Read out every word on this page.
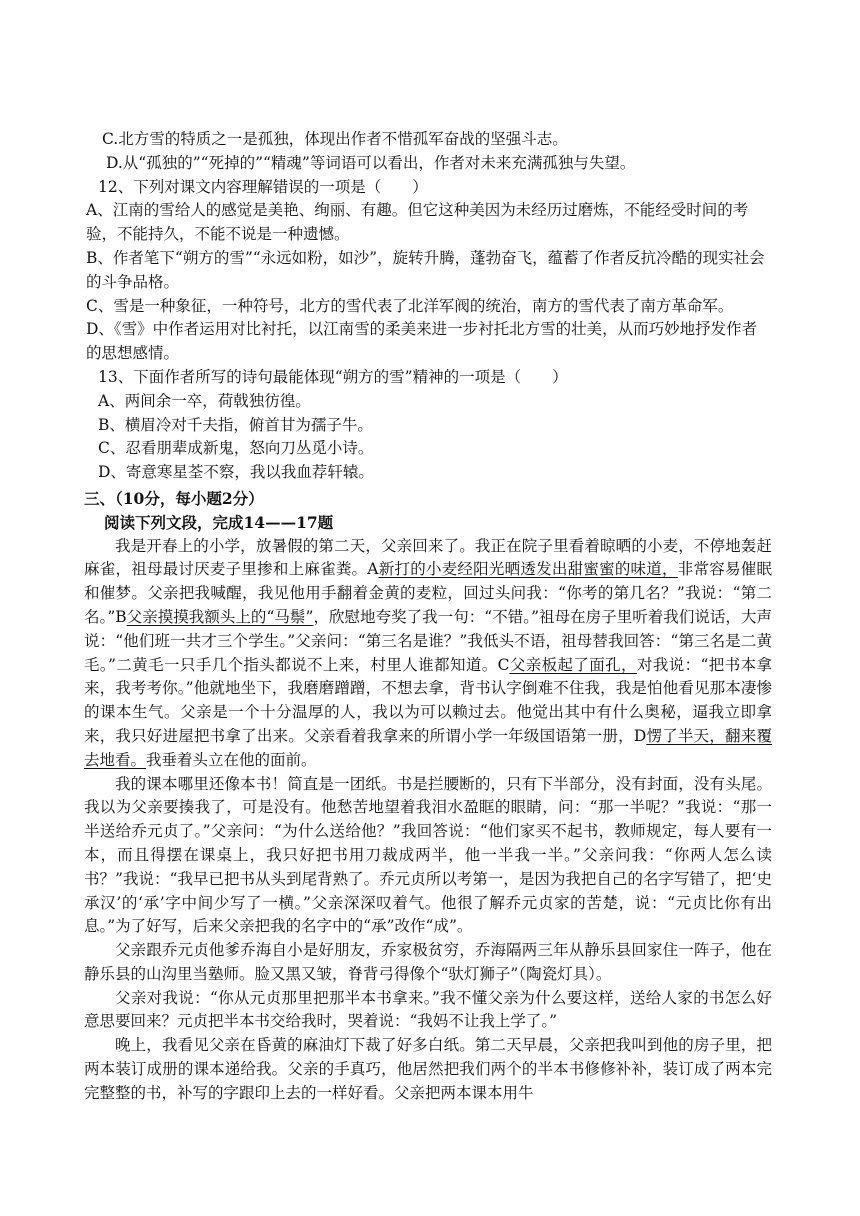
C.北方雪的特质之一是孤独，体现出作者不惜孤军奋战的坚强斗志。

D.从“孤独的”“死掉的”“精魂”等词语可以看出，作者对未来充满孤独与失望。

12、下列对课文内容理解错误的一项是（　　）

A、江南的雪给人的感觉是美艳、绚丽、有趣。但它这种美因为未经历过磨炼，不能经受时间的考验，不能持久，不能不说是一种遗憾。

B、作者笔下“朔方的雪”“永远如粉，如沙”，旋转升腾，蓬勃奋飞，蕴蓄了作者反抗冷酷的现实社会的斗争品格。

C、雪是一种象征，一种符号，北方的雪代表了北洋军阀的统治，南方的雪代表了南方革命军。

D、《雪》中作者运用对比衬托，以江南雪的柔美来进一步衬托北方雪的壮美，从而巧妙地抒发作者的思想感情。

13、下面作者所写的诗句最能体现“朔方的雪”精神的一项是（　　）

A、两间余一卒，荷戟独彷徨。

B、横眉冷对千夫指，俯首甘为孺子牛。

C、忍看朋辈成新鬼，怒向刀丛觅小诗。

D、寄意寒星荃不察，我以我血荐轩辕。

三、（10分，每小题2分）

阅读下列文段，完成14——17题

我是开春上的小学，放暑假的第二天，父亲回来了。我正在院子里看着晾晒的小麦，不停地轰赶麻雀，祖母最讨厌麦子里掺和上麻雀粪。A新打的小麦经阳光晒透发出甜蜜蜜的味道，非常容易催眠和催梦。父亲把我喊醒，我见他用手翻着金黄的麦粒，回过头问我：“你考的第几名？”我说：“第二名。”B父亲摸摸我额头上的“马鬃”，欣慰地夸奖了我一句：“不错。”祖母在房子里听着我们说话，大声说：“他们班一共才三个学生。”父亲问：“第三名是谁？”我低头不语，祖母替我回答：“第三名是二黄毛。”二黄毛一只手几个指头都说不上来，村里人谁都知道。C父亲板起了面孔，对我说：“把书本拿来，我考考你。”他就地坐下，我磨磨蹭蹭，不想去拿，背书认字倒难不住我，我是怕他看见那本凄惨的课本生气。父亲是一个十分温厚的人，我以为可以赖过去。他觉出其中有什么奥秘，逼我立即拿来，我只好进屋把书拿了出来。父亲看着我拿来的所谓小学一年级国语第一册，D愣了半天，翻来覆去地看。我垂着头立在他的面前。

我的课本哪里还像本书！简直是一团纸。书是拦腰断的，只有下半部分，没有封面，没有头尾。我以为父亲要揍我了，可是没有。他愁苦地望着我泪水盈眶的眼睛，问：“那一半呢？”我说：“那一半送给乔元贞了。”父亲问：“为什么送给他？”我回答说：“他们家买不起书，教师规定，每人要有一本，而且得摆在课桌上，我只好把书用刀裁成两半，他一半我一半。”父亲问我：“你两人怎么读书？”我说：“我早已把书从头到尾背熟了。乔元贞所以考第一，是因为我把自己的名字写错了，把‘史承汉’的‘承’字中间少写了一横。”父亲深深叹着气。他很了解乔元贞家的苦楚，说：“元贞比你有出息。”为了好写，后来父亲把我的名字中的“承”改作“成”。

父亲跟乔元贞他爹乔海自小是好朋友，乔家极贫穷，乔海隔两三年从静乐县回家住一阵子，他在静乐县的山沟里当塾师。脸又黑又皱，脊背弓得像个“驮灯狮子”（陶瓷灯具）。

父亲对我说：“你从元贞那里把那半本书拿来。”我不懂父亲为什么要这样，送给人家的书怎么好意思要回来？元贞把半本书交给我时，哭着说：“我妈不让我上学了。”

晚上，我看见父亲在昏黄的麻油灯下裁了好多白纸。第二天早晨，父亲把我叫到他的房子里，把两本装订成册的课本递给我。父亲的手真巧，他居然把我们两个的半本书修修补补，装订成了两本完完整整的书，补写的字跟印上去的一样好看。父亲把两本课本用牛
